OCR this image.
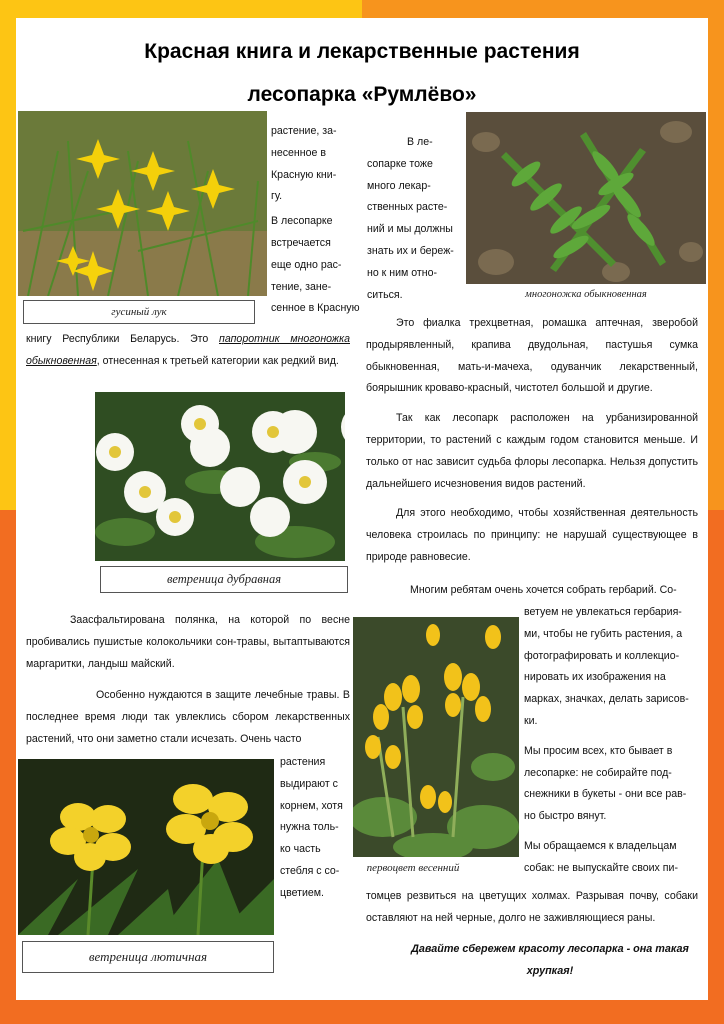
Красная книга и лекарственные растения
лесопарка «Румлёво»
гусиный лук

растение, за-

несенное в

Красную кни-

гу.

В лесопарке

встречается

еще одно рас-

тение, зане-

сенное в Красную

В ле-

сопарке тоже

много лекар-

ственных расте-

ний и мы должны

знать их и береж-

но к ним отно-

ситься.	многоножка обыкновенная

книгу Республики Беларусь. Это папоротник многоножка обыкновенная, отнесенная к третьей категории как редкий вид.

Это фиалка трехцветная, ромашка аптечная, зверобой продырявленный, крапива двудольная, пастушья сумка обыкновенная, мать-и-мачеха, одуванчик лекарственный, боярышник кроваво-красный, чистотел большой и другие.

Так как лесопарк расположен на урбанизированной территории, то растений с каждым годом становится меньше. И только от нас зависит судьба флоры лесопарка. Нельзя допустить дальнейшего исчезновения видов растений.

Для этого необходимо, чтобы хозяйственная деятельность человека строилась по принципу: не нарушай существующее в природе равновесие.

ветреница дубравная
Многим ребятам очень хочется собрать гербарий. Со-

ветуем не увлекаться гербария-

ми, чтобы не губить растения, а

фотографировать и коллекцио-

нировать их изображения на

марках, значках, делать зарисов-

ки.

Мы просим всех, кто бывает в

лесопарке: не собирайте под-

снежники в букеты - они все рав-

но быстро вянут.

Мы обращаемся к владельцам

собак: не выпускайте своих пи-

первоцвет весенний
томцев резвиться на цветущих холмах. Разрывая почву, собаки оставляют на ней черные, долго не заживляющиеся раны.

Заасфальтирована полянка, на которой по весне пробивались пушистые колокольчики сон-травы, вытаптываются маргаритки, ландыш майский.

Особенно нуждаются в защите лечебные травы. В последнее время люди так увлеклись сбором лекарственных растений, что они заметно стали исчезать. Очень часто

растения

выдирают с

корнем, хотя

нужна толь-

ко часть

стебля с со-

цветием.

ветреница лютичная	Давайте сбережем красоту лесопарка - она такая хрупкая!
